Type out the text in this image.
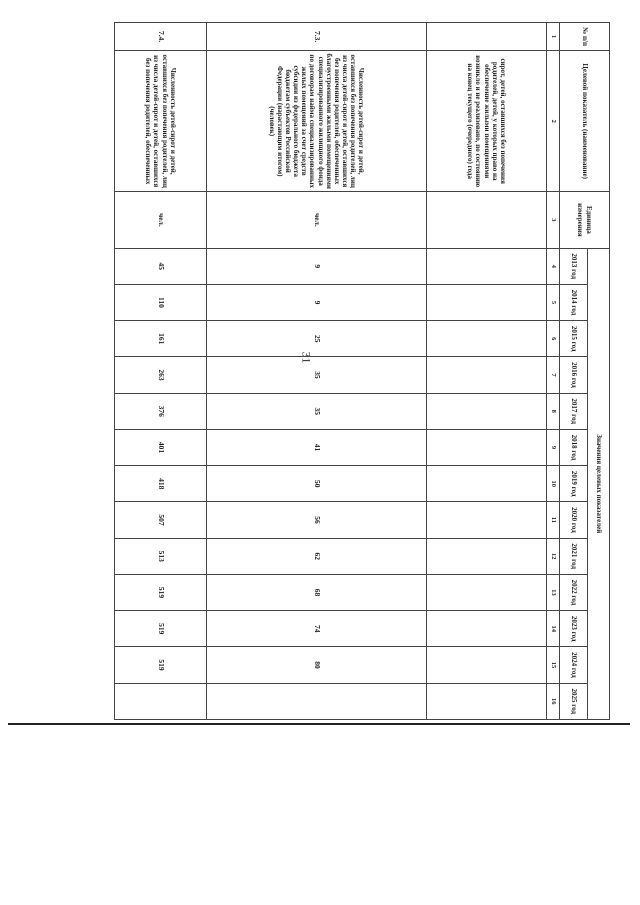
31
№ п/п	Целевой показатель (наименование)	Единица измерения	Значения целевых показателей												
			2013 год	2014 год	2015 год	2016 год	2017 год	2018 год	2019 год	2020 год	2021 год	2022 год	2023 год	2024 год	2025 год
1	2	3	4	5	6	7	8	9	10	11	12	13	14	15	16
	сирот, детей, оставшихся без попечения родителей, детей, у которых право на обеспечение жилыми помещениями возникло и не реализовано, по состоянию на конец текущего (очередного) года														
7.3.	Численность детей-сирот и детей, оставшихся без попечения родителей, лиц из числа детей-сирот и детей, оставшихся без попечения родителей, обеспеченных благоустроенными жилыми помещениями специализированного жилищного фонда по договорам найма специализированных жилых помещений за счет средств субсидии из федерального бюджета бюджетам субъектов Российской Федерации (нарастающим итогом) (человек)	чел.	9	9	25	35	35	41	50	56	62	68	74	80	
7.4.	Численность детей-сирот и детей, оставшихся без попечения родителей, лиц из числа детей-сирот и детей, оставшихся без попечения родителей, обеспеченных	чел.	45	110	161	263	376	401	418	507	513	519	519	519	
